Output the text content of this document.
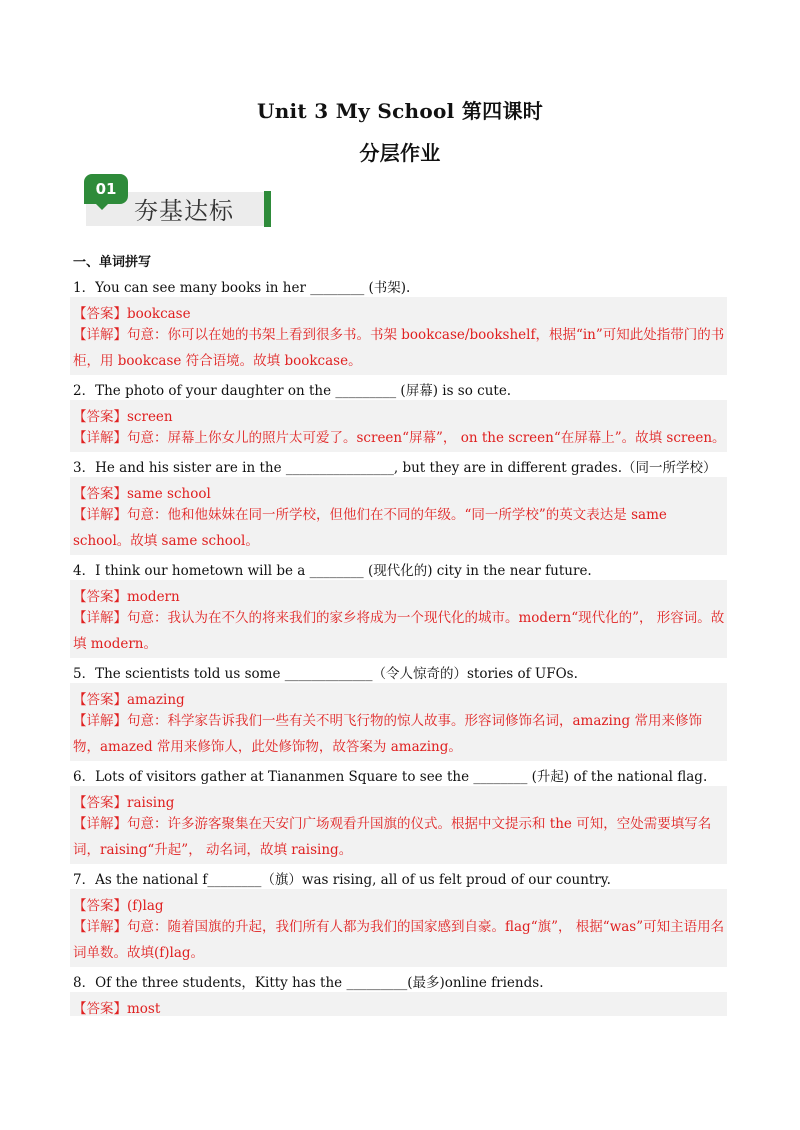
Unit 3 My School 第四课时
分层作业
01
夯基达标
一、单词拼写
1．You can see many books in her ________ (书架).
【答案】bookcase
【详解】句意：你可以在她的书架上看到很多书。书架 bookcase/bookshelf，根据“in”可知此处指带门的书柜，用 bookcase 符合语境。故填 bookcase。
2．The photo of your daughter on the _________ (屏幕) is so cute.
【答案】screen
【详解】句意：屏幕上你女儿的照片太可爱了。screen“屏幕”， on the screen“在屏幕上”。故填 screen。
3．He and his sister are in the ________________, but they are in different grades.（同一所学校）
【答案】same school
【详解】句意：他和他妹妹在同一所学校，但他们在不同的年级。“同一所学校”的英文表达是 same school。故填 same school。
4．I think our hometown will be a ________ (现代化的) city in the near future.
【答案】modern
【详解】句意：我认为在不久的将来我们的家乡将成为一个现代化的城市。modern“现代化的”， 形容词。故填 modern。
5．The scientists told us some _____________（令人惊奇的）stories of UFOs.
【答案】amazing
【详解】句意：科学家告诉我们一些有关不明飞行物的惊人故事。形容词修饰名词，amazing 常用来修饰物，amazed 常用来修饰人，此处修饰物，故答案为 amazing。
6．Lots of visitors gather at Tiananmen Square to see the ________ (升起) of the national flag.
【答案】raising
【详解】句意：许多游客聚集在天安门广场观看升国旗的仪式。根据中文提示和 the 可知，空处需要填写名词，raising“升起”， 动名词，故填 raising。
7．As the national f________（旗）was rising, all of us felt proud of our country.
【答案】(f)lag
【详解】句意：随着国旗的升起，我们所有人都为我们的国家感到自豪。flag“旗”， 根据“was”可知主语用名词单数。故填(f)lag。
8．Of the three students，Kitty has the _________(最多)online friends.
【答案】most
